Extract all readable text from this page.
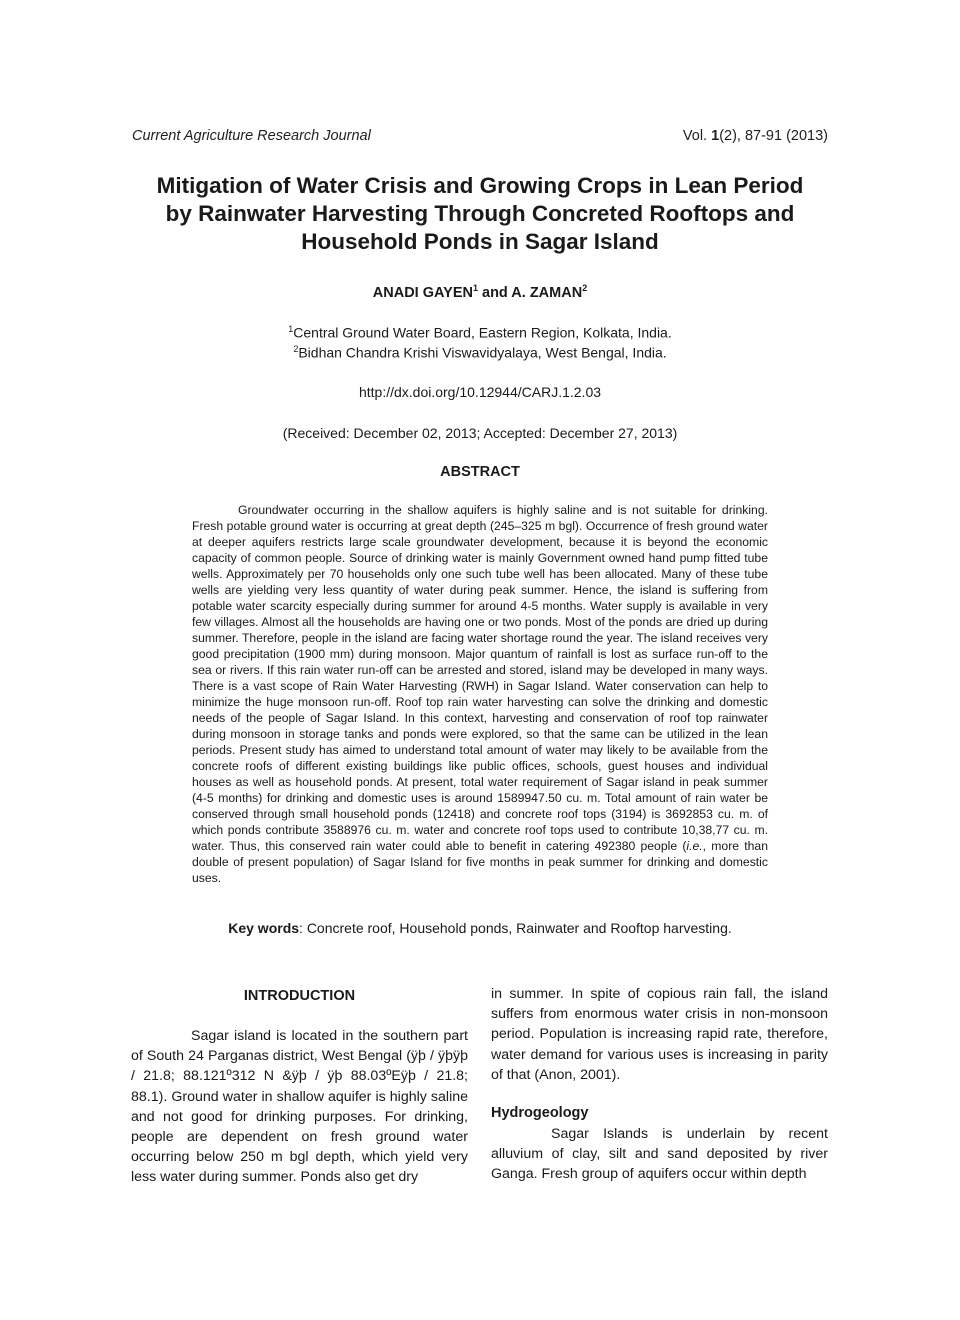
Current Agriculture Research Journal	Vol. 1(2), 87-91 (2013)
Mitigation of Water Crisis and Growing Crops in Lean Period
by Rainwater Harvesting Through Concreted Rooftops and
Household Ponds in Sagar Island
ANADI GAYEN$^1$ and A. ZAMAN$^2$
$^1$Central Ground Water Board, Eastern Region, Kolkata, India.
$^2$Bidhan Chandra Krishi Viswavidyalaya, West Bengal, India.
http://dx.doi.org/10.12944/CARJ.1.2.03
(Received: December 02, 2013; Accepted: December 27, 2013)
ABSTRACT

Groundwater occurring in the shallow aquifers is highly saline and is not suitable for drinking. Fresh potable ground water is occurring at great depth (245–325 m bgl). Occurrence of fresh ground water at deeper aquifers restricts large scale groundwater development, because it is beyond the economic capacity of common people. Source of drinking water is mainly Government owned hand pump fitted tube wells. Approximately per 70 households only one such tube well has been allocated. Many of these tube wells are yielding very less quantity of water during peak summer. Hence, the island is suffering from potable water scarcity especially during summer for around 4-5 months. Water supply is available in very few villages. Almost all the households are having one or two ponds. Most of the ponds are dried up during summer. Therefore, people in the island are facing water shortage round the year. The island receives very good precipitation (1900 mm) during monsoon. Major quantum of rainfall is lost as surface run-off to the sea or rivers. If this rain water run-off can be arrested and stored, island may be developed in many ways. There is a vast scope of Rain Water Harvesting (RWH) in Sagar Island. Water conservation can help to minimize the huge monsoon run-off. Roof top rain water harvesting can solve the drinking and domestic needs of the people of Sagar Island. In this context, harvesting and conservation of roof top rainwater during monsoon in storage tanks and ponds were explored, so that the same can be utilized in the lean periods. Present study has aimed to understand total amount of water may likely to be available from the concrete roofs of different existing buildings like public offices, schools, guest houses and individual houses as well as household ponds. At present, total water requirement of Sagar island in peak summer (4-5 months) for drinking and domestic uses is around 1589947.50 cu. m. Total amount of rain water be conserved through small household ponds (12418) and concrete roof tops (3194) is 3692853 cu. m. of which ponds contribute 3588976 cu. m. water and concrete roof tops used to contribute 10,38,77 cu. m. water. Thus, this conserved rain water could able to benefit in catering 492380 people (i.e., more than double of present population) of Sagar Island for five months in peak summer for drinking and domestic uses.

Key words: Concrete roof, Household ponds, Rainwater and Rooftop harvesting.
INTRODUCTION

Sagar island is located in the southern part of South 24 Parganas district, West Bengal (ÿþ / ÿþÿþ / 21.8; 88.121º312 N &ÿþ / ÿþ 88.03ºEÿþ / 21.8; 88.1). Ground water in shallow aquifer is highly saline and not good for drinking purposes. For drinking, people are dependent on fresh ground water occurring below 250 m bgl depth, which yield very less water during summer. Ponds also get dry

in summer. In spite of copious rain fall, the island suffers from enormous water crisis in non-monsoon period. Population is increasing rapid rate, therefore, water demand for various uses is increasing in parity of that (Anon, 2001).

Hydrogeology

Sagar Islands is underlain by recent alluvium of clay, silt and sand deposited by river Ganga. Fresh group of aquifers occur within depth
